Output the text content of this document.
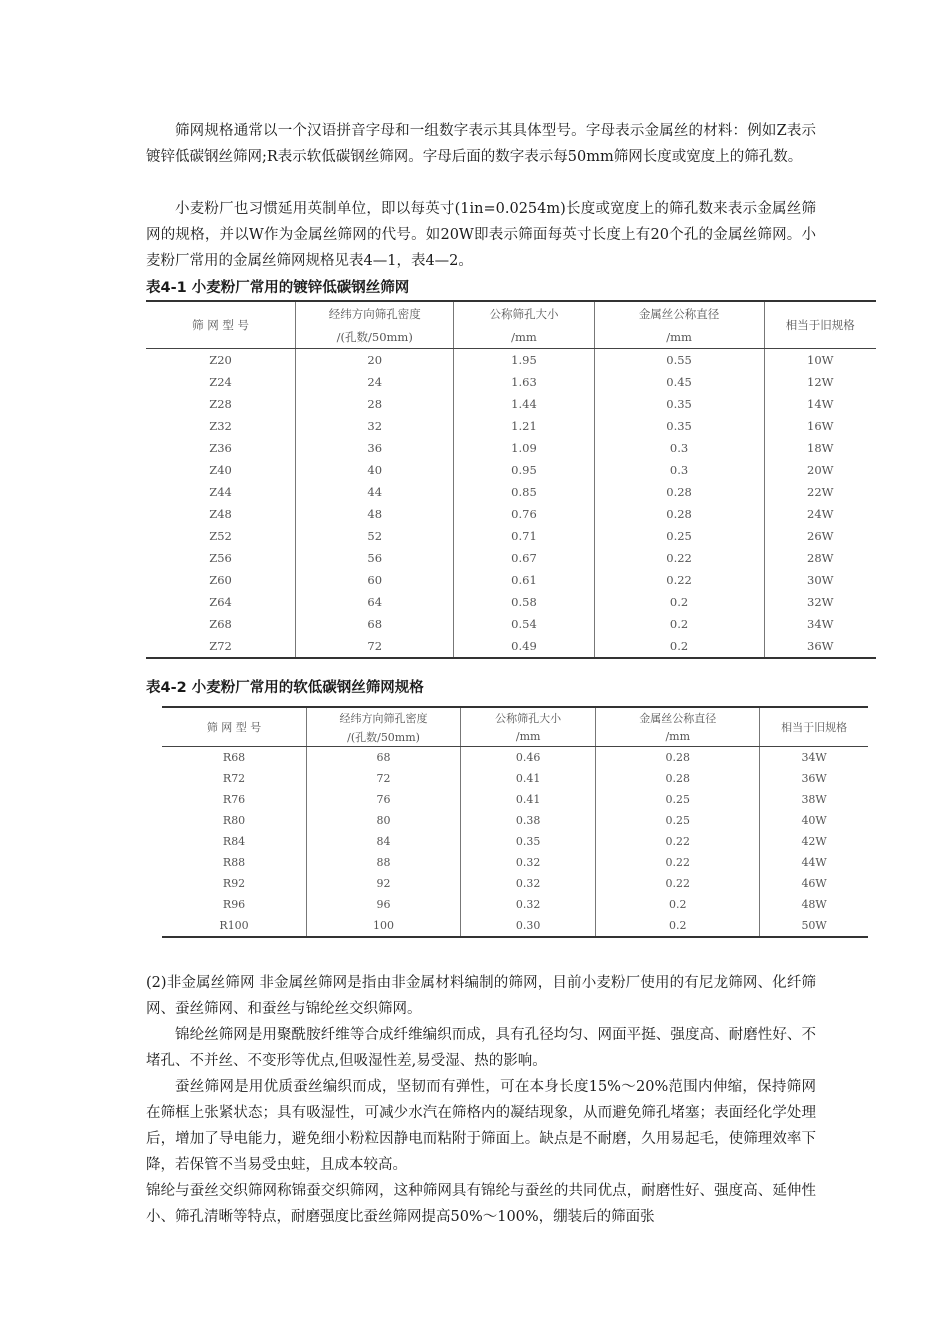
筛网规格通常以一个汉语拼音字母和一组数字表示其具体型号。字母表示金属丝的材料：例如Z表示镀锌低碳钢丝筛网;R表示软低碳钢丝筛网。字母后面的数字表示每50mm筛网长度或宽度上的筛孔数。

小麦粉厂也习惯延用英制单位，即以每英寸(1in=0.0254m)长度或宽度上的筛孔数来表示金属丝筛网的规格，并以W作为金属丝筛网的代号。如20W即表示筛面每英寸长度上有20个孔的金属丝筛网。小麦粉厂常用的金属丝筛网规格见表4—1，表4—2。

表4-1 小麦粉厂常用的镀锌低碳钢丝筛网
筛 网 型 号	经纬方向筛孔密度	公称筛孔大小	金属丝公称直径	相当于旧规格
	/(孔数/50mm)	/mm	/mm	
Z20	20	1.95	0.55	10W
Z24	24	1.63	0.45	12W
Z28	28	1.44	0.35	14W
Z32	32	1.21	0.35	16W
Z36	36	1.09	0.3	18W
Z40	40	0.95	0.3	20W
Z44	44	0.85	0.28	22W
Z48	48	0.76	0.28	24W
Z52	52	0.71	0.25	26W
Z56	56	0.67	0.22	28W
Z60	60	0.61	0.22	30W
Z64	64	0.58	0.2	32W
Z68	68	0.54	0.2	34W
Z72	72	0.49	0.2	36W
表4-2 小麦粉厂常用的软低碳钢丝筛网规格
筛 网 型 号	经纬方向筛孔密度	公称筛孔大小	金属丝公称直径	相当于旧规格
	/(孔数/50mm)	/mm	/mm	
R68	68	0.46	0.28	34W
R72	72	0.41	0.28	36W
R76	76	0.41	0.25	38W
R80	80	0.38	0.25	40W
R84	84	0.35	0.22	42W
R88	88	0.32	0.22	44W
R92	92	0.32	0.22	46W
R96	96	0.32	0.2	48W
R100	100	0.30	0.2	50W

(2)非金属丝筛网 非金属丝筛网是指由非金属材料编制的筛网，目前小麦粉厂使用的有尼龙筛网、化纤筛网、蚕丝筛网、和蚕丝与锦纶丝交织筛网。

锦纶丝筛网是用聚酰胺纤维等合成纤维编织而成，具有孔径均匀、网面平挺、强度高、耐磨性好、不堵孔、不并丝、不变形等优点,但吸湿性差,易受湿、热的影响。

蚕丝筛网是用优质蚕丝编织而成，坚韧而有弹性，可在本身长度15%～20%范围内伸缩，保持筛网在筛框上张紧状态；具有吸湿性，可减少水汽在筛格内的凝结现象，从而避免筛孔堵塞；表面经化学处理后，增加了导电能力，避免细小粉粒因静电而粘附于筛面上。缺点是不耐磨，久用易起毛，使筛理效率下降，若保管不当易受虫蛀，且成本较高。

锦纶与蚕丝交织筛网称锦蚕交织筛网，这种筛网具有锦纶与蚕丝的共同优点，耐磨性好、强度高、延伸性小、筛孔清晰等特点，耐磨强度比蚕丝筛网提高50%～100%，绷装后的筛面张
